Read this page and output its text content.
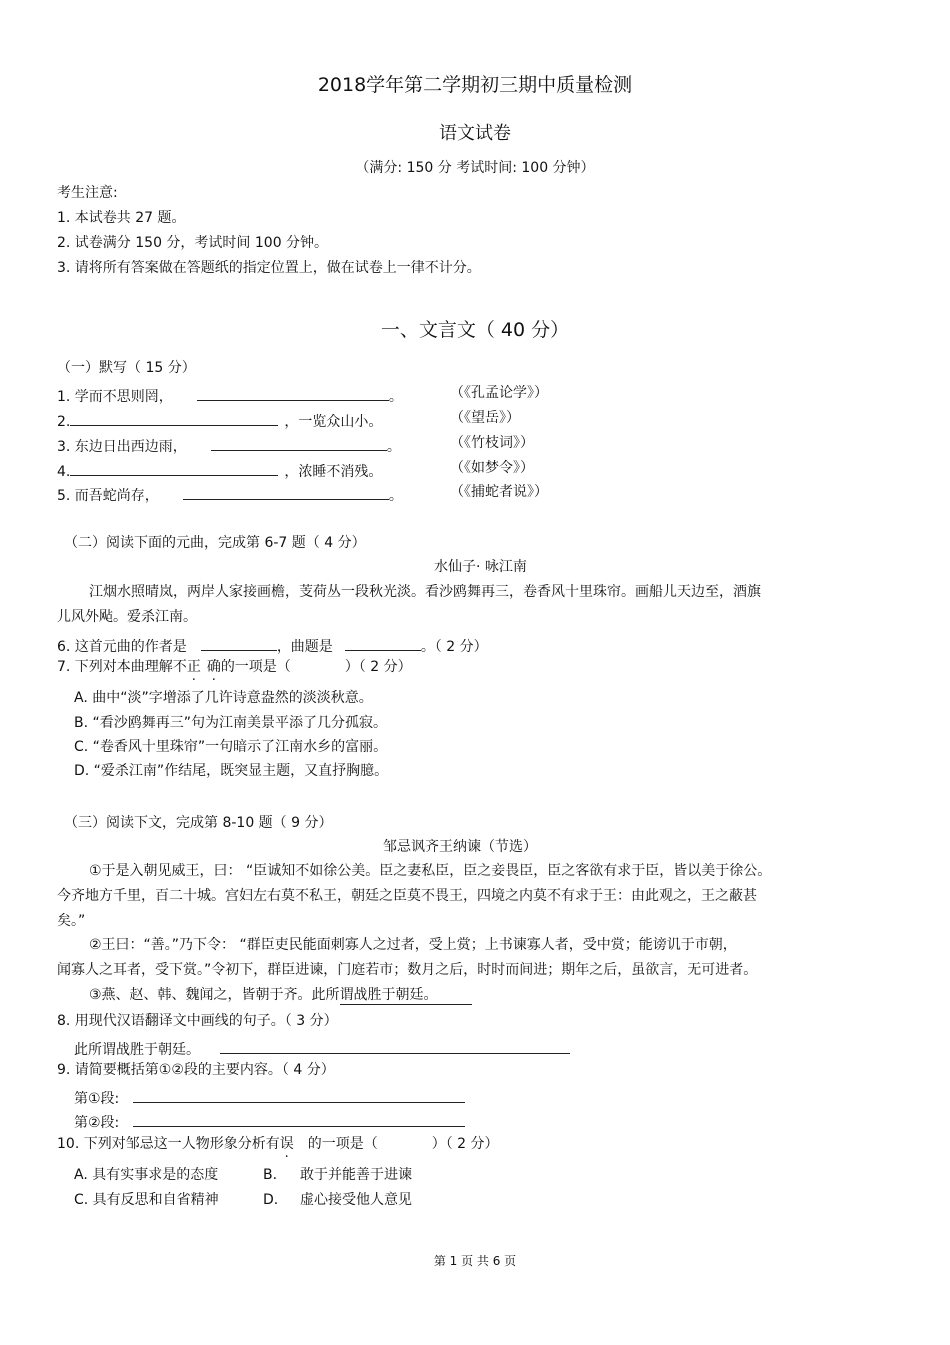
2018学年第二学期初三期中质量检测
语文试卷
（满分: 150 分 考试时间: 100 分钟）
考生注意:
1. 本试卷共 27 题。
2. 试卷满分 150 分，考试时间 100 分钟。
3. 请将所有答案做在答题纸的指定位置上，做在试卷上一律不计分。
一、文言文（ 40 分）
（一）默写（ 15 分）
1. 学而不思则罔，	。	（《孔孟论学》）
2.	，一览众山小。	（《望岳》）
3. 东边日出西边雨，	。	（《竹枝词》）
4.	，浓睡不消残。	（《如梦令》）
5. 而吾蛇尚存，	。	（《捕蛇者说》）
（二）阅读下面的元曲，完成第 6-7 题（ 4 分）
水仙子· 咏江南
江烟水照晴岚，两岸人家接画檐，芰荷丛一段秋光淡。看沙鸥舞再三，卷香风十里珠帘。画船儿天边至，酒旗
儿风外飐。爱杀江南。
6. 这首元曲的作者是	，曲题是	。（ 2 分）
7. 下列对本曲理解不正 确的一项是（	）（ 2 分）
A. 曲中“淡”字增添了几许诗意盎然的淡淡秋意。
B. “看沙鸥舞再三”句为江南美景平添了几分孤寂。
C. “卷香风十里珠帘”一句暗示了江南水乡的富丽。
D. “爱杀江南”作结尾，既突显主题，又直抒胸臆。
（三）阅读下文，完成第 8-10 题（ 9 分）
邹忌讽齐王纳谏（节选）
①于是入朝见威王，曰： “臣诚知不如徐公美。臣之妻私臣，臣之妾畏臣，臣之客欲有求于臣，皆以美于徐公。
今齐地方千里，百二十城。宫妇左右莫不私王，朝廷之臣莫不畏王，四境之内莫不有求于王：由此观之，王之蔽甚
矣。”
②王曰：“善。”乃下令： “群臣吏民能面刺寡人之过者，受上赏；上书谏寡人者，受中赏；能谤讥于市朝，
闻寡人之耳者，受下赏。”令初下，群臣进谏，门庭若市；数月之后，时时而间进；期年之后，虽欲言，无可进者。
③燕、赵、韩、魏闻之，皆朝于齐。此所谓战胜于朝廷。
8. 用现代汉语翻译文中画线的句子。（ 3 分）
此所谓战胜于朝廷。
9. 请简要概括第①②段的主要内容。（ 4 分）
第①段:
第②段:
10. 下列对邹忌这一人物形象分析有误 的一项是（	）（ 2 分）
A. 具有实事求是的态度	B. 敢于并能善于进谏
C. 具有反思和自省精神	D. 虚心接受他人意见
第 1 页 共 6 页
